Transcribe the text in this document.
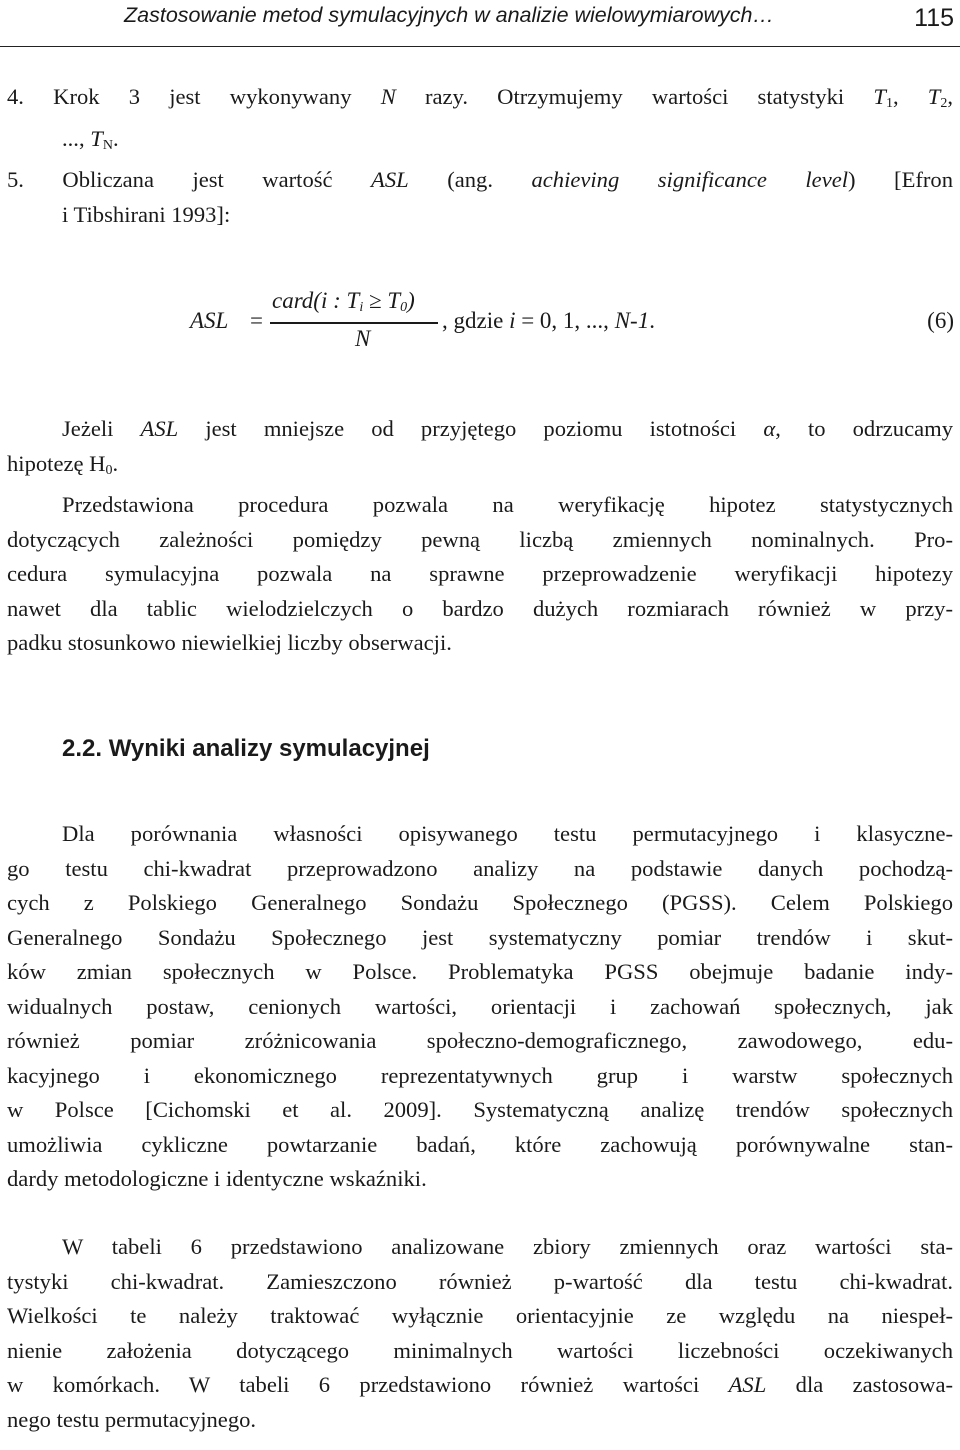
Zastosowanie metod symulacyjnych w analizie wielowymiarowych…	115
4. Krok 3 jest wykonywany N razy. Otrzymujemy wartości statystyki $T_1$, $T_2$,
..., $T_N$.
5. Obliczana jest wartość ASL (ang. achieving significance level) [Efron
i Tibshirani 1993]:
ASL =
card(i : $T_i \ge T_0$)
N
, gdzie i = 0, 1, ..., N-1.	(6)
Jeżeli ASL jest mniejsze od przyjętego poziomu istotności α, to odrzucamy
hipotezę $H_0$.
Przedstawiona procedura pozwala na weryfikację hipotez statystycznych
dotyczących zależności pomiędzy pewną liczbą zmiennych nominalnych. Pro-
cedura symulacyjna pozwala na sprawne przeprowadzenie weryfikacji hipotezy
nawet dla tablic wielodzielczych o bardzo dużych rozmiarach również w przy-
padku stosunkowo niewielkiej liczby obserwacji.
2.2. Wyniki analizy symulacyjnej
Dla porównania własności opisywanego testu permutacyjnego i klasyczne-
go testu chi-kwadrat przeprowadzono analizy na podstawie danych pochodzą-
cych z Polskiego Generalnego Sondażu Społecznego (PGSS). Celem Polskiego
Generalnego Sondażu Społecznego jest systematyczny pomiar trendów i skut-
ków zmian społecznych w Polsce. Problematyka PGSS obejmuje badanie indy-
widualnych postaw, cenionych wartości, orientacji i zachowań społecznych, jak
również pomiar zróżnicowania społeczno-demograficznego, zawodowego, edu-
kacyjnego i ekonomicznego reprezentatywnych grup i warstw społecznych
w Polsce [Cichomski et al. 2009]. Systematyczną analizę trendów społecznych
umożliwia cykliczne powtarzanie badań, które zachowują porównywalne stan-
dardy metodologiczne i identyczne wskaźniki.
W tabeli 6 przedstawiono analizowane zbiory zmiennych oraz wartości sta-
tystyki chi-kwadrat. Zamieszczono również p-wartość dla testu chi-kwadrat.
Wielkości te należy traktować wyłącznie orientacyjnie ze względu na niespeł-
nienie założenia dotyczącego minimalnych wartości liczebności oczekiwanych
w komórkach. W tabeli 6 przedstawiono również wartości ASL dla zastosowa-
nego testu permutacyjnego.
